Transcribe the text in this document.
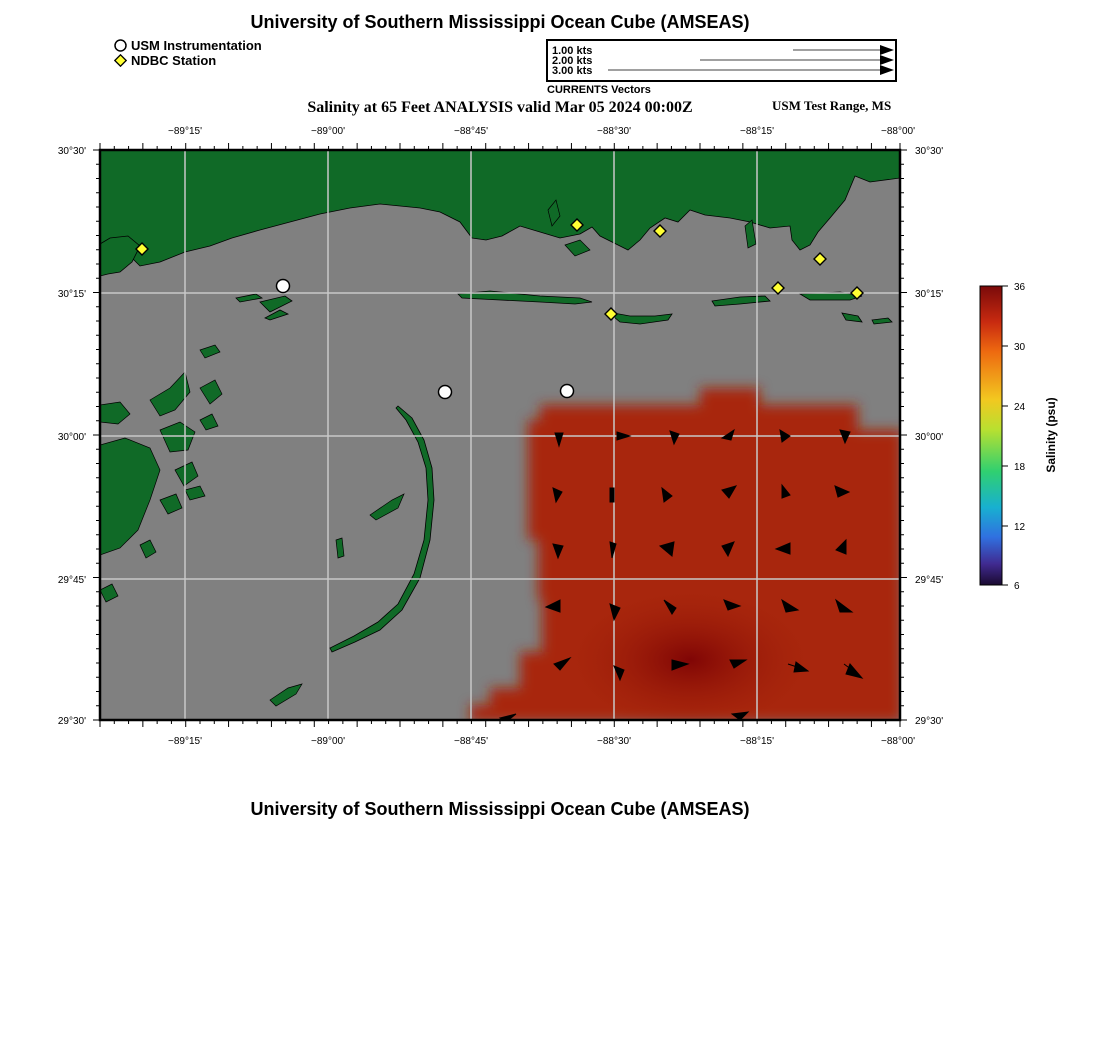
University of Southern Mississippi Ocean Cube (AMSEAS)
USM Instrumentation
NDBC Station
1.00 kts
2.00 kts
3.00 kts
CURRENTS Vectors
Salinity at 65 Feet ANALYSIS valid Mar 05 2024 00:00Z	USM Test Range, MS
−89°15'	−89°00'	−88°45'	−88°30'	−88°15'	−88°00'
−89°15'	−89°00'	−88°45'	−88°30'	−88°15'	−88°00'
30°30'
30°15'
30°00'
29°45'
29°30'
30°30'
30°15'
30°00'
29°45'
29°30'
36
30
24
18
12
6
Salinity (psu)
University of Southern Mississippi Ocean Cube (AMSEAS)
